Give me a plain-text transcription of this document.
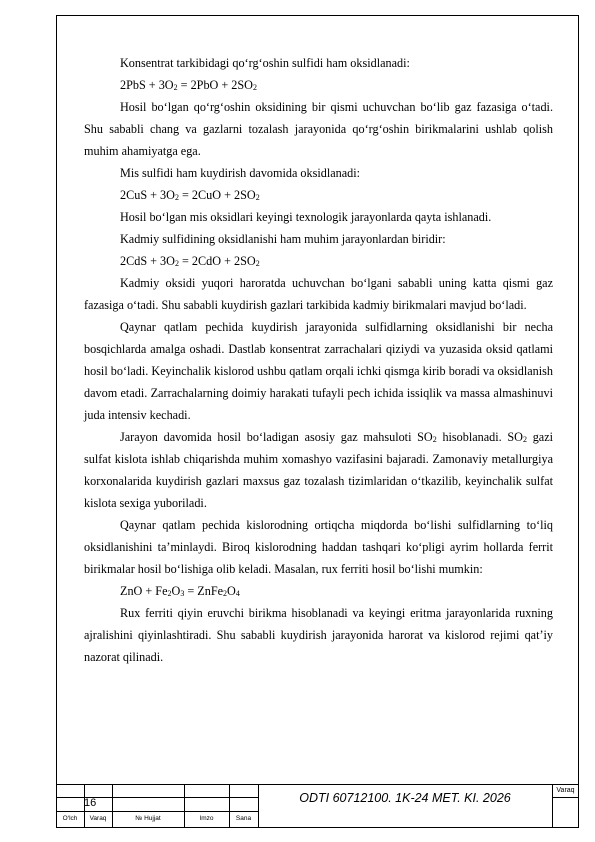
Konsentrat tarkibidagi qo‘rg‘oshin sulfidi ham oksidlanadi:

$2PbS + 3O_2 = 2PbO + 2SO_2$

Hosil bo‘lgan qo‘rg‘oshin oksidining bir qismi uchuvchan bo‘lib gaz fazasiga o‘tadi. Shu sababli chang va gazlarni tozalash jarayonida qo‘rg‘oshin birikmalarini ushlab qolish muhim ahamiyatga ega.

Mis sulfidi ham kuydirish davomida oksidlanadi:

$2CuS + 3O_2 = 2CuO + 2SO_2$

Hosil bo‘lgan mis oksidlari keyingi texnologik jarayonlarda qayta ishlanadi.

Kadmiy sulfidining oksidlanishi ham muhim jarayonlardan biridir:

$2CdS + 3O_2 = 2CdO + 2SO_2$

Kadmiy oksidi yuqori haroratda uchuvchan bo‘lgani sababli uning katta qismi gaz fazasiga o‘tadi. Shu sababli kuydirish gazlari tarkibida kadmiy birikmalari mavjud bo‘ladi.

Qaynar qatlam pechida kuydirish jarayonida sulfidlarning oksidlanishi bir necha bosqichlarda amalga oshadi. Dastlab konsentrat zarrachalari qiziydi va yuzasida oksid qatlami hosil bo‘ladi. Keyinchalik kislorod ushbu qatlam orqali ichki qismga kirib boradi va oksidlanish davom etadi. Zarrachalarning doimiy harakati tufayli pech ichida issiqlik va massa almashinuvi juda intensiv kechadi.

Jarayon davomida hosil bo‘ladigan asosiy gaz mahsuloti $SO_2$ hisoblanadi. $SO_2$ gazi sulfat kislota ishlab chiqarishda muhim xomashyo vazifasini bajaradi. Zamonaviy metallurgiya korxonalarida kuydirish gazlari maxsus gaz tozalash tizimlaridan o‘tkazilib, keyinchalik sulfat kislota sexiga yuboriladi.

Qaynar qatlam pechida kislorodning ortiqcha miqdorda bo‘lishi sulfidlarning to‘liq oksidlanishini ta’minlaydi. Biroq kislorodning haddan tashqari ko‘pligi ayrim hollarda ferrit birikmalar hosil bo‘lishiga olib keladi. Masalan, rux ferriti hosil bo‘lishi mumkin:

ZnO + $Fe_2O_3$ = $ZnFe_2O_4$

Rux ferriti qiyin eruvchi birikma hisoblanadi va keyingi eritma jarayonlarida ruxning ajralishini qiyinlashtiradi. Shu sababli kuydirish jarayonida harorat va kislorod rejimi qat’iy nazorat qilinadi.

16	ODTI 60712100. 1K-24 MET. KI. 2026
Varaq
O‘lch	Varaq	№ Hujjat	Imzo	Sana
